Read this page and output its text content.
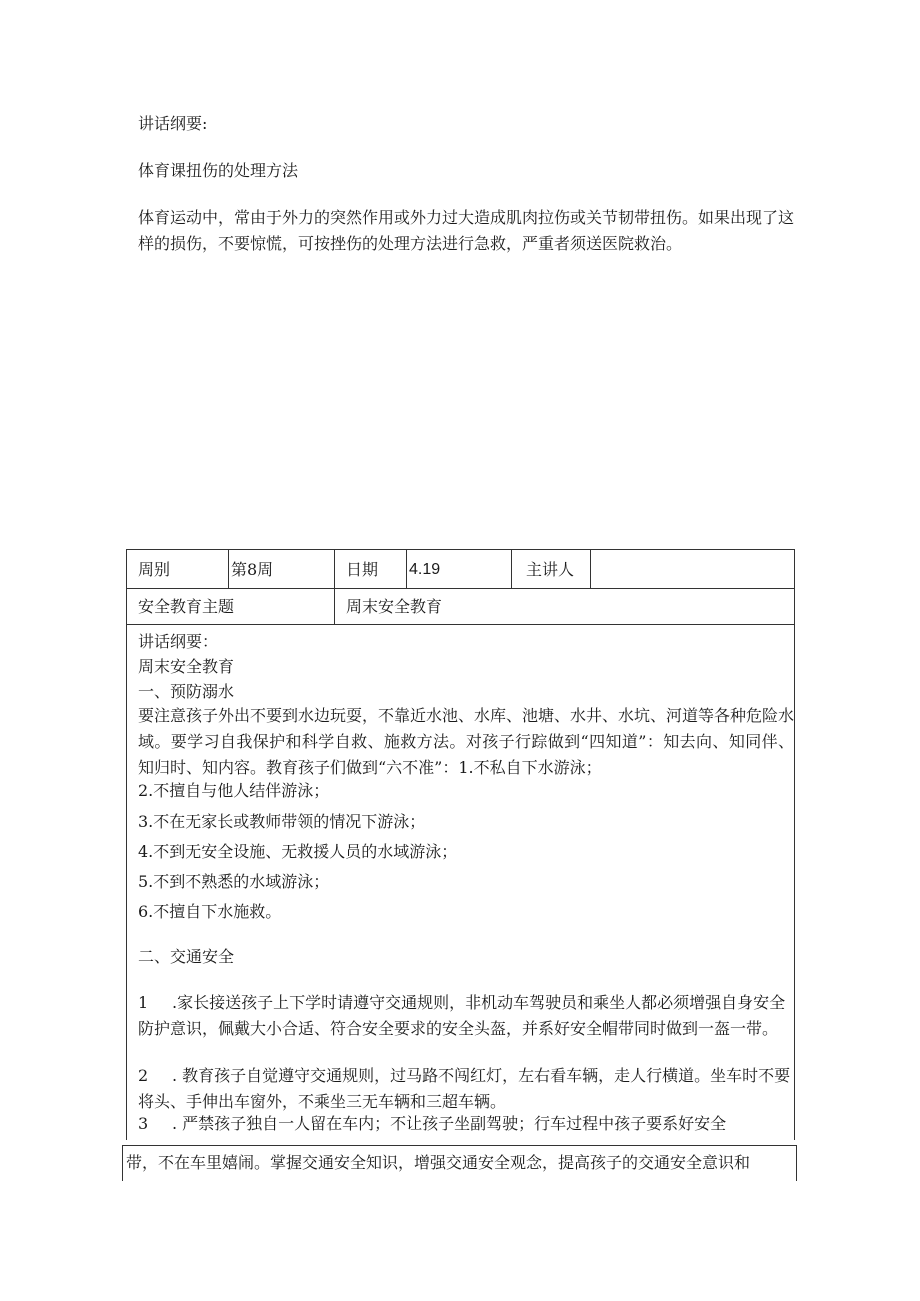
讲话纲要:
体育课扭伤的处理方法
体育运动中，常由于外力的突然作用或外力过大造成肌肉拉伤或关节韧带扭伤。如果出现了这样的损伤，不要惊慌，可按挫伤的处理方法进行急救，严重者须送医院救治。
周别	第8周	日期 4.19	主讲人
安全教育主题	周末安全教育
讲话纲要：
周末安全教育
一、预防溺水
要注意孩子外出不要到水边玩耍，不靠近水池、水库、池塘、水井、水坑、河道等各种危险水域。要学习自我保护和科学自救、施救方法。对孩子行踪做到“四知道”：知去向、知同伴、知归时、知内容。教育孩子们做到“六不准”：1.不私自下水游泳；
2.不擅自与他人结伴游泳；
3.不在无家长或教师带领的情况下游泳；
4.不到无安全设施、无救援人员的水域游泳；
5.不到不熟悉的水域游泳；
6.不擅自下水施救。
二、交通安全
1 .家长接送孩子上下学时请遵守交通规则，非机动车驾驶员和乘坐人都必须增强自身安全防护意识，佩戴大小合适、符合安全要求的安全头盔，并系好安全帽带同时做到一盔一带。
2 . 教育孩子自觉遵守交通规则，过马路不闯红灯，左右看车辆，走人行横道。坐车时不要将头、手伸出车窗外，不乘坐三无车辆和三超车辆。
3 . 严禁孩子独自一人留在车内；不让孩子坐副驾驶；行车过程中孩子要系好安全
带，不在车里嬉闹。掌握交通安全知识，增强交通安全观念，提高孩子的交通安全意识和
